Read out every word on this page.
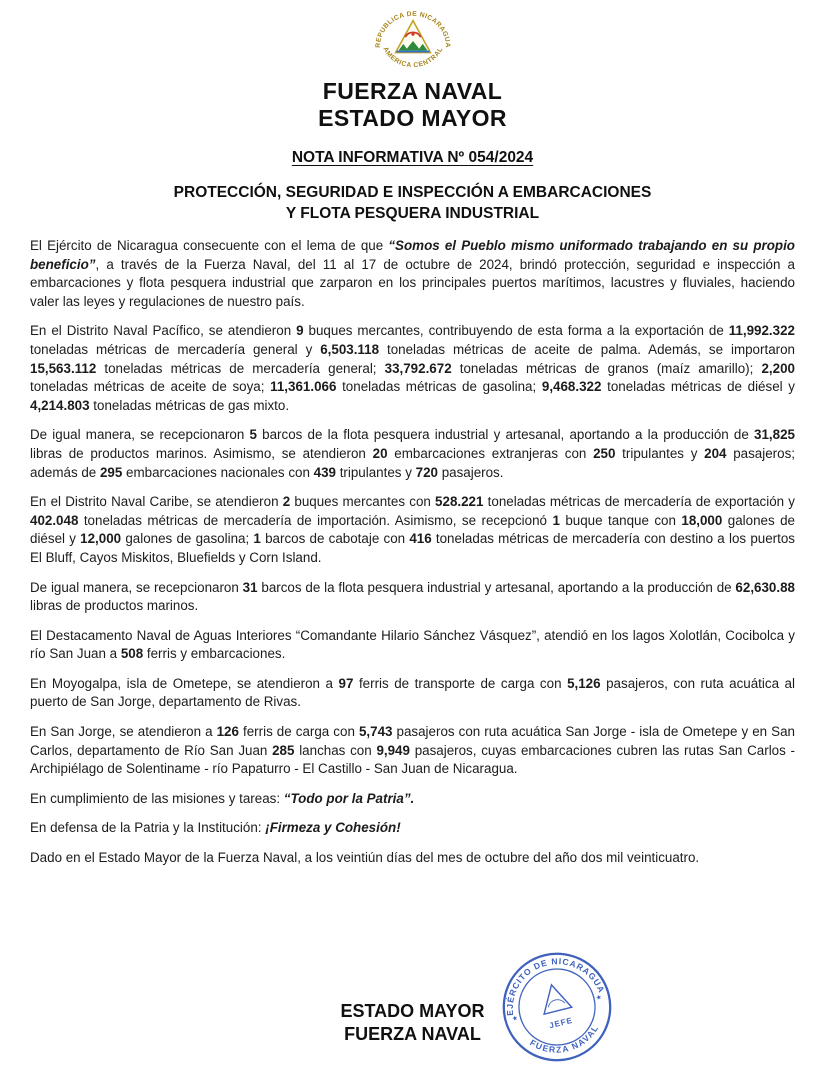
REPUBLICA DE NICARAGUA
AMERICA CENTRAL
FUERZA NAVAL
ESTADO MAYOR
NOTA INFORMATIVA Nº 054/2024
PROTECCIÓN, SEGURIDAD E INSPECCIÓN A EMBARCACIONES
Y FLOTA PESQUERA INDUSTRIAL

El Ejército de Nicaragua consecuente con el lema de que “Somos el Pueblo mismo uniformado trabajando en su propio beneficio”, a través de la Fuerza Naval, del 11 al 17 de octubre de 2024, brindó protección, seguridad e inspección a embarcaciones y flota pesquera industrial que zarparon en los principales puertos marítimos, lacustres y fluviales, haciendo valer las leyes y regulaciones de nuestro país.

En el Distrito Naval Pacífico, se atendieron 9 buques mercantes, contribuyendo de esta forma a la exportación de 11,992.322 toneladas métricas de mercadería general y 6,503.118 toneladas métricas de aceite de palma. Además, se importaron 15,563.112 toneladas métricas de mercadería general; 33,792.672 toneladas métricas de granos (maíz amarillo); 2,200 toneladas métricas de aceite de soya; 11,361.066 toneladas métricas de gasolina; 9,468.322 toneladas métricas de diésel y 4,214.803 toneladas métricas de gas mixto.

De igual manera, se recepcionaron 5 barcos de la flota pesquera industrial y artesanal, aportando a la producción de 31,825 libras de productos marinos. Asimismo, se atendieron 20 embarcaciones extranjeras con 250 tripulantes y 204 pasajeros; además de 295 embarcaciones nacionales con 439 tripulantes y 720 pasajeros.

En el Distrito Naval Caribe, se atendieron 2 buques mercantes con 528.221 toneladas métricas de mercadería de exportación y 402.048 toneladas métricas de mercadería de importación. Asimismo, se recepcionó 1 buque tanque con 18,000 galones de diésel y 12,000 galones de gasolina; 1 barcos de cabotaje con 416 toneladas métricas de mercadería con destino a los puertos El Bluff, Cayos Miskitos, Bluefields y Corn Island.

De igual manera, se recepcionaron 31 barcos de la flota pesquera industrial y artesanal, aportando a la producción de 62,630.88 libras de productos marinos.

El Destacamento Naval de Aguas Interiores “Comandante Hilario Sánchez Vásquez”, atendió en los lagos Xolotlán, Cocibolca y río San Juan a 508 ferris y embarcaciones.

En Moyogalpa, isla de Ometepe, se atendieron a 97 ferris de transporte de carga con 5,126 pasajeros, con ruta acuática al puerto de San Jorge, departamento de Rivas.

En San Jorge, se atendieron a 126 ferris de carga con 5,743 pasajeros con ruta acuática San Jorge - isla de Ometepe y en San Carlos, departamento de Río San Juan 285 lanchas con 9,949 pasajeros, cuyas embarcaciones cubren las rutas San Carlos - Archipiélago de Solentiname - río Papaturro - El Castillo - San Juan de Nicaragua.

En cumplimiento de las misiones y tareas: “Todo por la Patria”.

En defensa de la Patria y la Institución: ¡Firmeza y Cohesión!

Dado en el Estado Mayor de la Fuerza Naval, a los veintiún días del mes de octubre del año dos mil veinticuatro.

ESTADO MAYOR
FUERZA NAVAL
EJÉRCITO DE NICARAGUA
FUERZA NAVAL
★
★
JEFE
